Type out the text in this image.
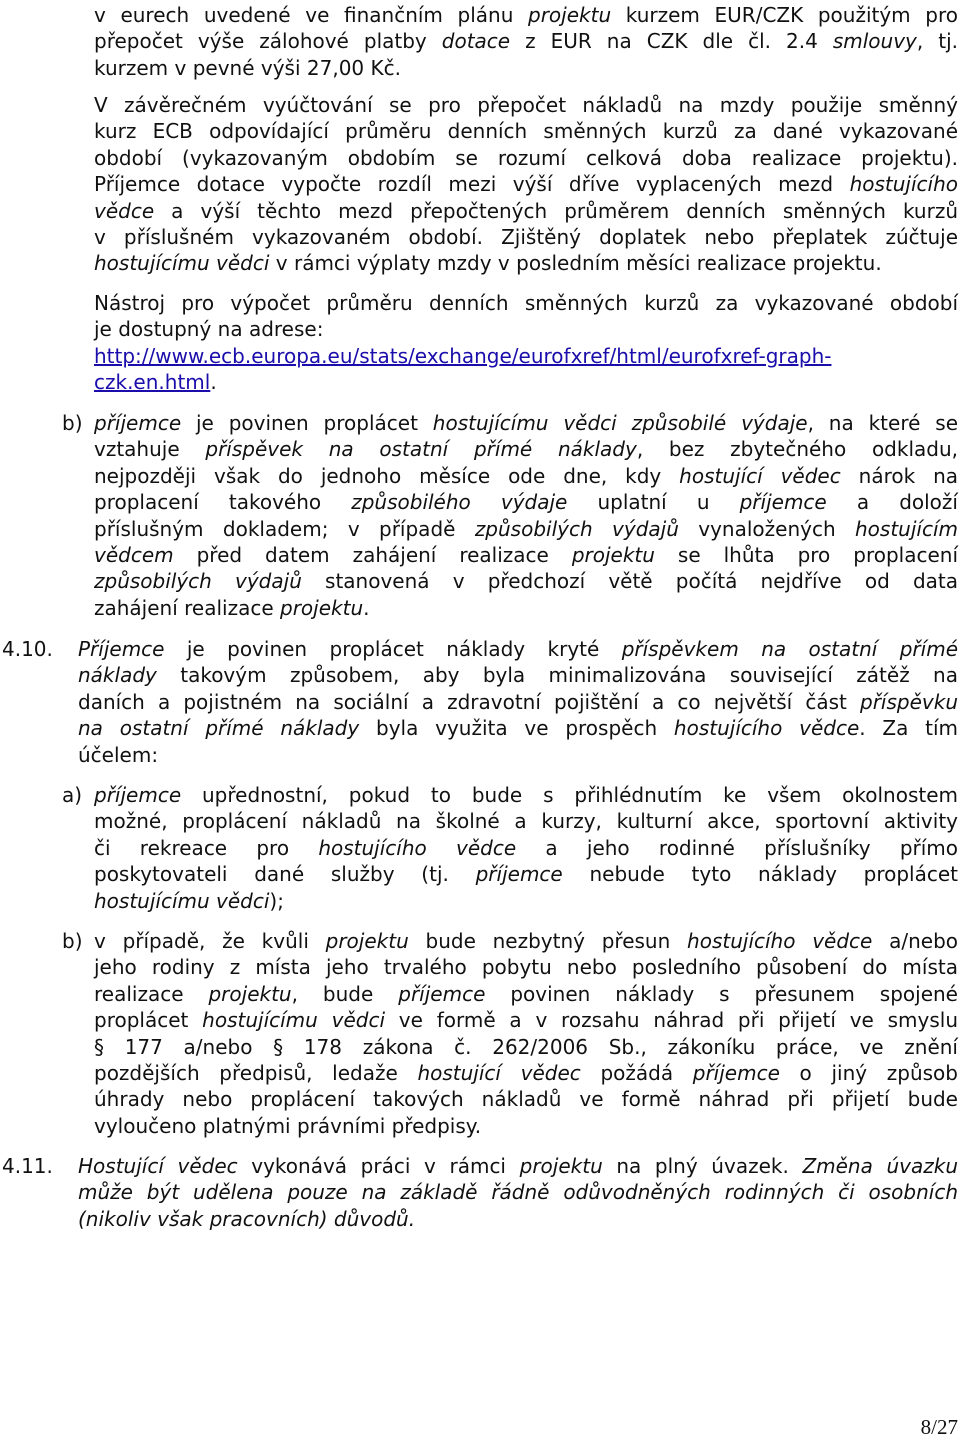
v eurech uvedené ve finančním plánu projektu kurzem EUR/CZK použitým pro
přepočet výše zálohové platby dotace z EUR na CZK dle čl. 2.4 smlouvy, tj.
kurzem v pevné výši 27,00 Kč.
V závěrečném vyúčtování se pro přepočet nákladů na mzdy použije směnný
kurz ECB odpovídající průměru denních směnných kurzů za dané vykazované
období (vykazovaným obdobím se rozumí celková doba realizace projektu).
Příjemce dotace vypočte rozdíl mezi výší dříve vyplacených mezd hostujícího
vědce a výší těchto mezd přepočtených průměrem denních směnných kurzů
v příslušném vykazovaném období. Zjištěný doplatek nebo přeplatek zúčtuje
hostujícímu vědci v rámci výplaty mzdy v posledním měsíci realizace projektu.
Nástroj pro výpočet průměru denních směnných kurzů za vykazované období
je dostupný na adrese:
http://www.ecb.europa.eu/stats/exchange/eurofxref/html/eurofxref-graph-
czk.en.html.
b) příjemce je povinen proplácet hostujícímu vědci způsobilé výdaje, na které se
vztahuje příspěvek na ostatní přímé náklady, bez zbytečného odkladu,
nejpozději však do jednoho měsíce ode dne, kdy hostující vědec nárok na
proplacení takového způsobilého výdaje uplatní u příjemce a doloží
příslušným dokladem; v případě způsobilých výdajů vynaložených hostujícím
vědcem před datem zahájení realizace projektu se lhůta pro proplacení
způsobilých výdajů stanovená v předchozí větě počítá nejdříve od data
zahájení realizace projektu.
4.10. Příjemce je povinen proplácet náklady kryté příspěvkem na ostatní přímé
náklady takovým způsobem, aby byla minimalizována související zátěž na
daních a pojistném na sociální a zdravotní pojištění a co největší část příspěvku
na ostatní přímé náklady byla využita ve prospěch hostujícího vědce. Za tím
účelem:
a) příjemce upřednostní, pokud to bude s přihlédnutím ke všem okolnostem
možné, proplácení nákladů na školné a kurzy, kulturní akce, sportovní aktivity
či rekreace pro hostujícího vědce a jeho rodinné příslušníky přímo
poskytovateli dané služby (tj. příjemce nebude tyto náklady proplácet
hostujícímu vědci);
b) v případě, že kvůli projektu bude nezbytný přesun hostujícího vědce a/nebo
jeho rodiny z místa jeho trvalého pobytu nebo posledního působení do místa
realizace projektu, bude příjemce povinen náklady s přesunem spojené
proplácet hostujícímu vědci ve formě a v rozsahu náhrad při přijetí ve smyslu
§ 177 a/nebo § 178 zákona č. 262/2006 Sb., zákoníku práce, ve znění
pozdějších předpisů, ledaže hostující vědec požádá příjemce o jiný způsob
úhrady nebo proplácení takových nákladů ve formě náhrad při přijetí bude
vyloučeno platnými právními předpisy.
4.11. Hostující vědec vykonává práci v rámci projektu na plný úvazek. Změna úvazku
může být udělena pouze na základě řádně odůvodněných rodinných či osobních
(nikoliv však pracovních) důvodů.
8/27
